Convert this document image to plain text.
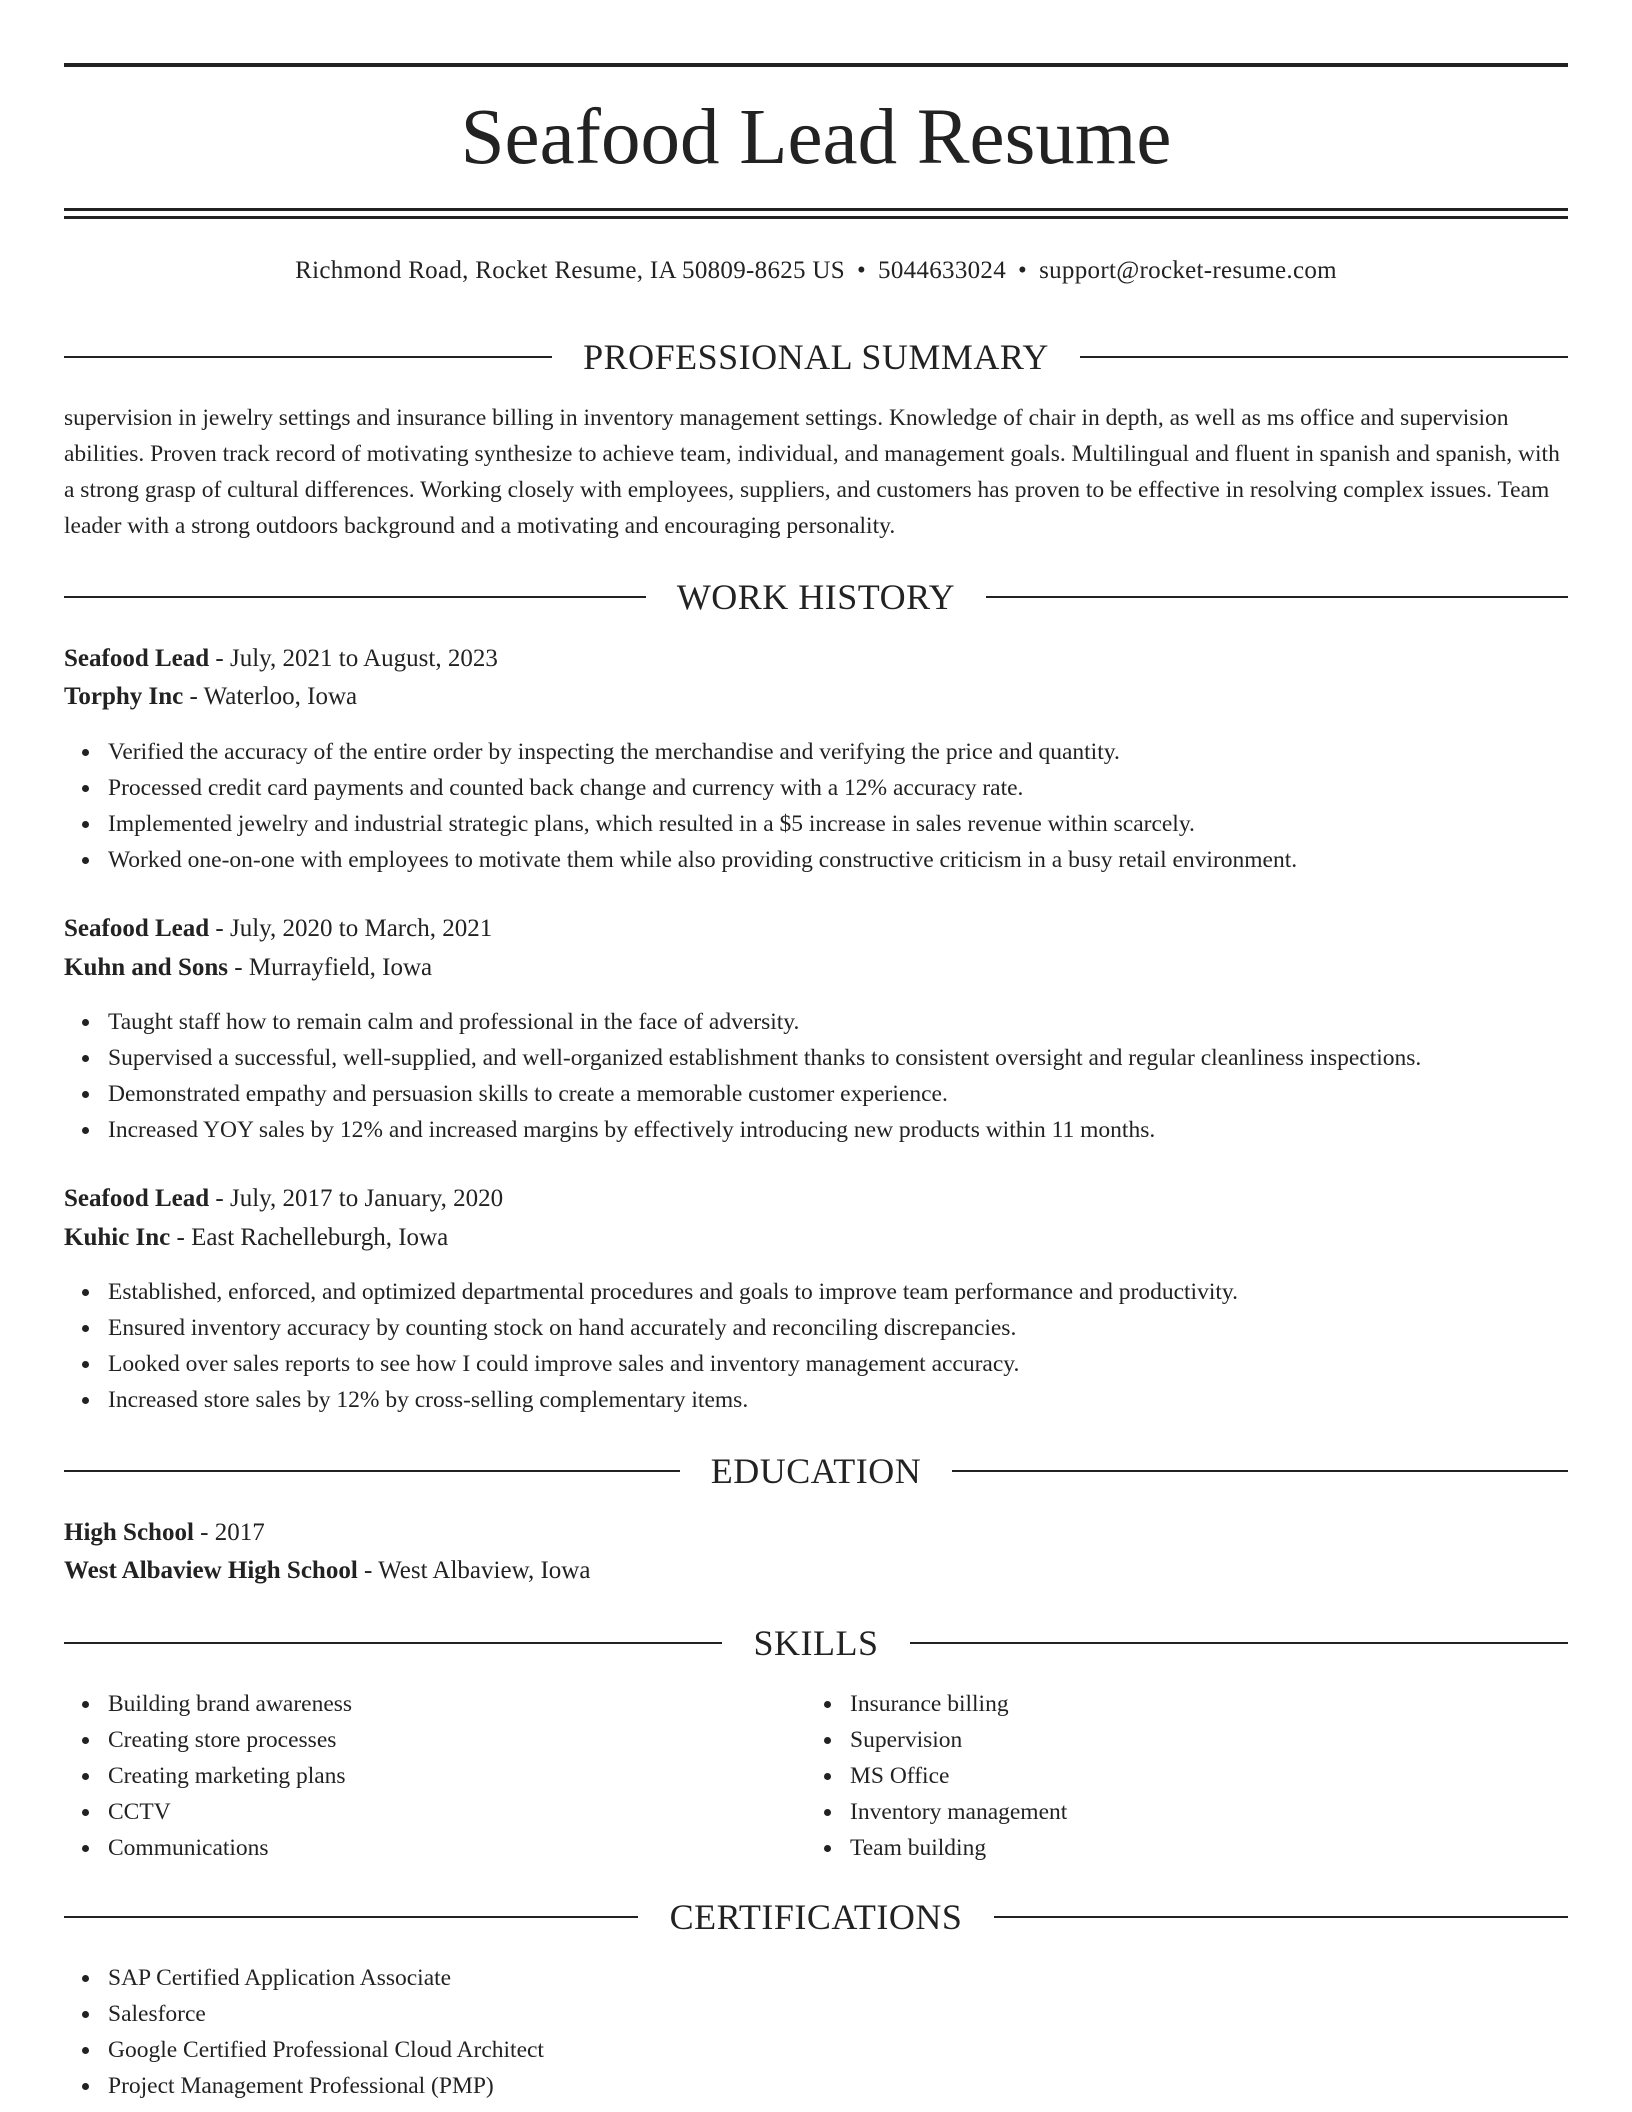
Seafood Lead Resume
Richmond Road, Rocket Resume, IA 50809-8625 US • 5044633024 • support@rocket-resume.com
PROFESSIONAL SUMMARY
supervision in jewelry settings and insurance billing in inventory management settings. Knowledge of chair in depth, as well as ms office and supervision abilities. Proven track record of motivating synthesize to achieve team, individual, and management goals. Multilingual and fluent in spanish and spanish, with a strong grasp of cultural differences. Working closely with employees, suppliers, and customers has proven to be effective in resolving complex issues. Team leader with a strong outdoors background and a motivating and encouraging personality.
WORK HISTORY
Seafood Lead - July, 2021 to August, 2023
Torphy Inc - Waterloo, Iowa
Verified the accuracy of the entire order by inspecting the merchandise and verifying the price and quantity.
Processed credit card payments and counted back change and currency with a 12% accuracy rate.
Implemented jewelry and industrial strategic plans, which resulted in a $5 increase in sales revenue within scarcely.
Worked one-on-one with employees to motivate them while also providing constructive criticism in a busy retail environment.
Seafood Lead - July, 2020 to March, 2021
Kuhn and Sons - Murrayfield, Iowa
Taught staff how to remain calm and professional in the face of adversity.
Supervised a successful, well-supplied, and well-organized establishment thanks to consistent oversight and regular cleanliness inspections.
Demonstrated empathy and persuasion skills to create a memorable customer experience.
Increased YOY sales by 12% and increased margins by effectively introducing new products within 11 months.
Seafood Lead - July, 2017 to January, 2020
Kuhic Inc - East Rachelleburgh, Iowa
Established, enforced, and optimized departmental procedures and goals to improve team performance and productivity.
Ensured inventory accuracy by counting stock on hand accurately and reconciling discrepancies.
Looked over sales reports to see how I could improve sales and inventory management accuracy.
Increased store sales by 12% by cross-selling complementary items.
EDUCATION
High School - 2017
West Albaview High School - West Albaview, Iowa
SKILLS
Building brand awareness
Creating store processes
Creating marketing plans
CCTV
Communications
Insurance billing
Supervision
MS Office
Inventory management
Team building
CERTIFICATIONS
SAP Certified Application Associate
Salesforce
Google Certified Professional Cloud Architect
Project Management Professional (PMP)
